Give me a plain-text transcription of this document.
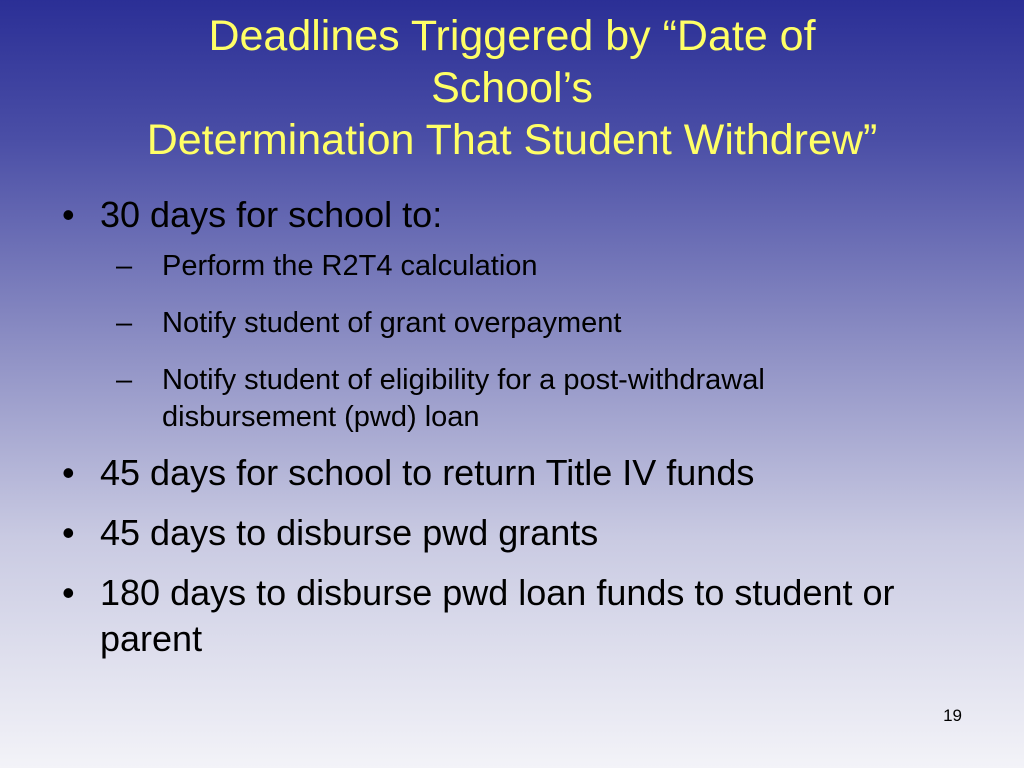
Deadlines Triggered by “Date of
School’s
Determination That Student Withdrew”
• 30 days for school to:
– Perform the R2T4 calculation
– Notify student of grant overpayment
– Notify student of eligibility for a post-withdrawal disbursement (pwd) loan
• 45 days for school to return Title IV funds
• 45 days to disburse pwd grants
• 180 days to disburse pwd loan funds to student or parent
19
